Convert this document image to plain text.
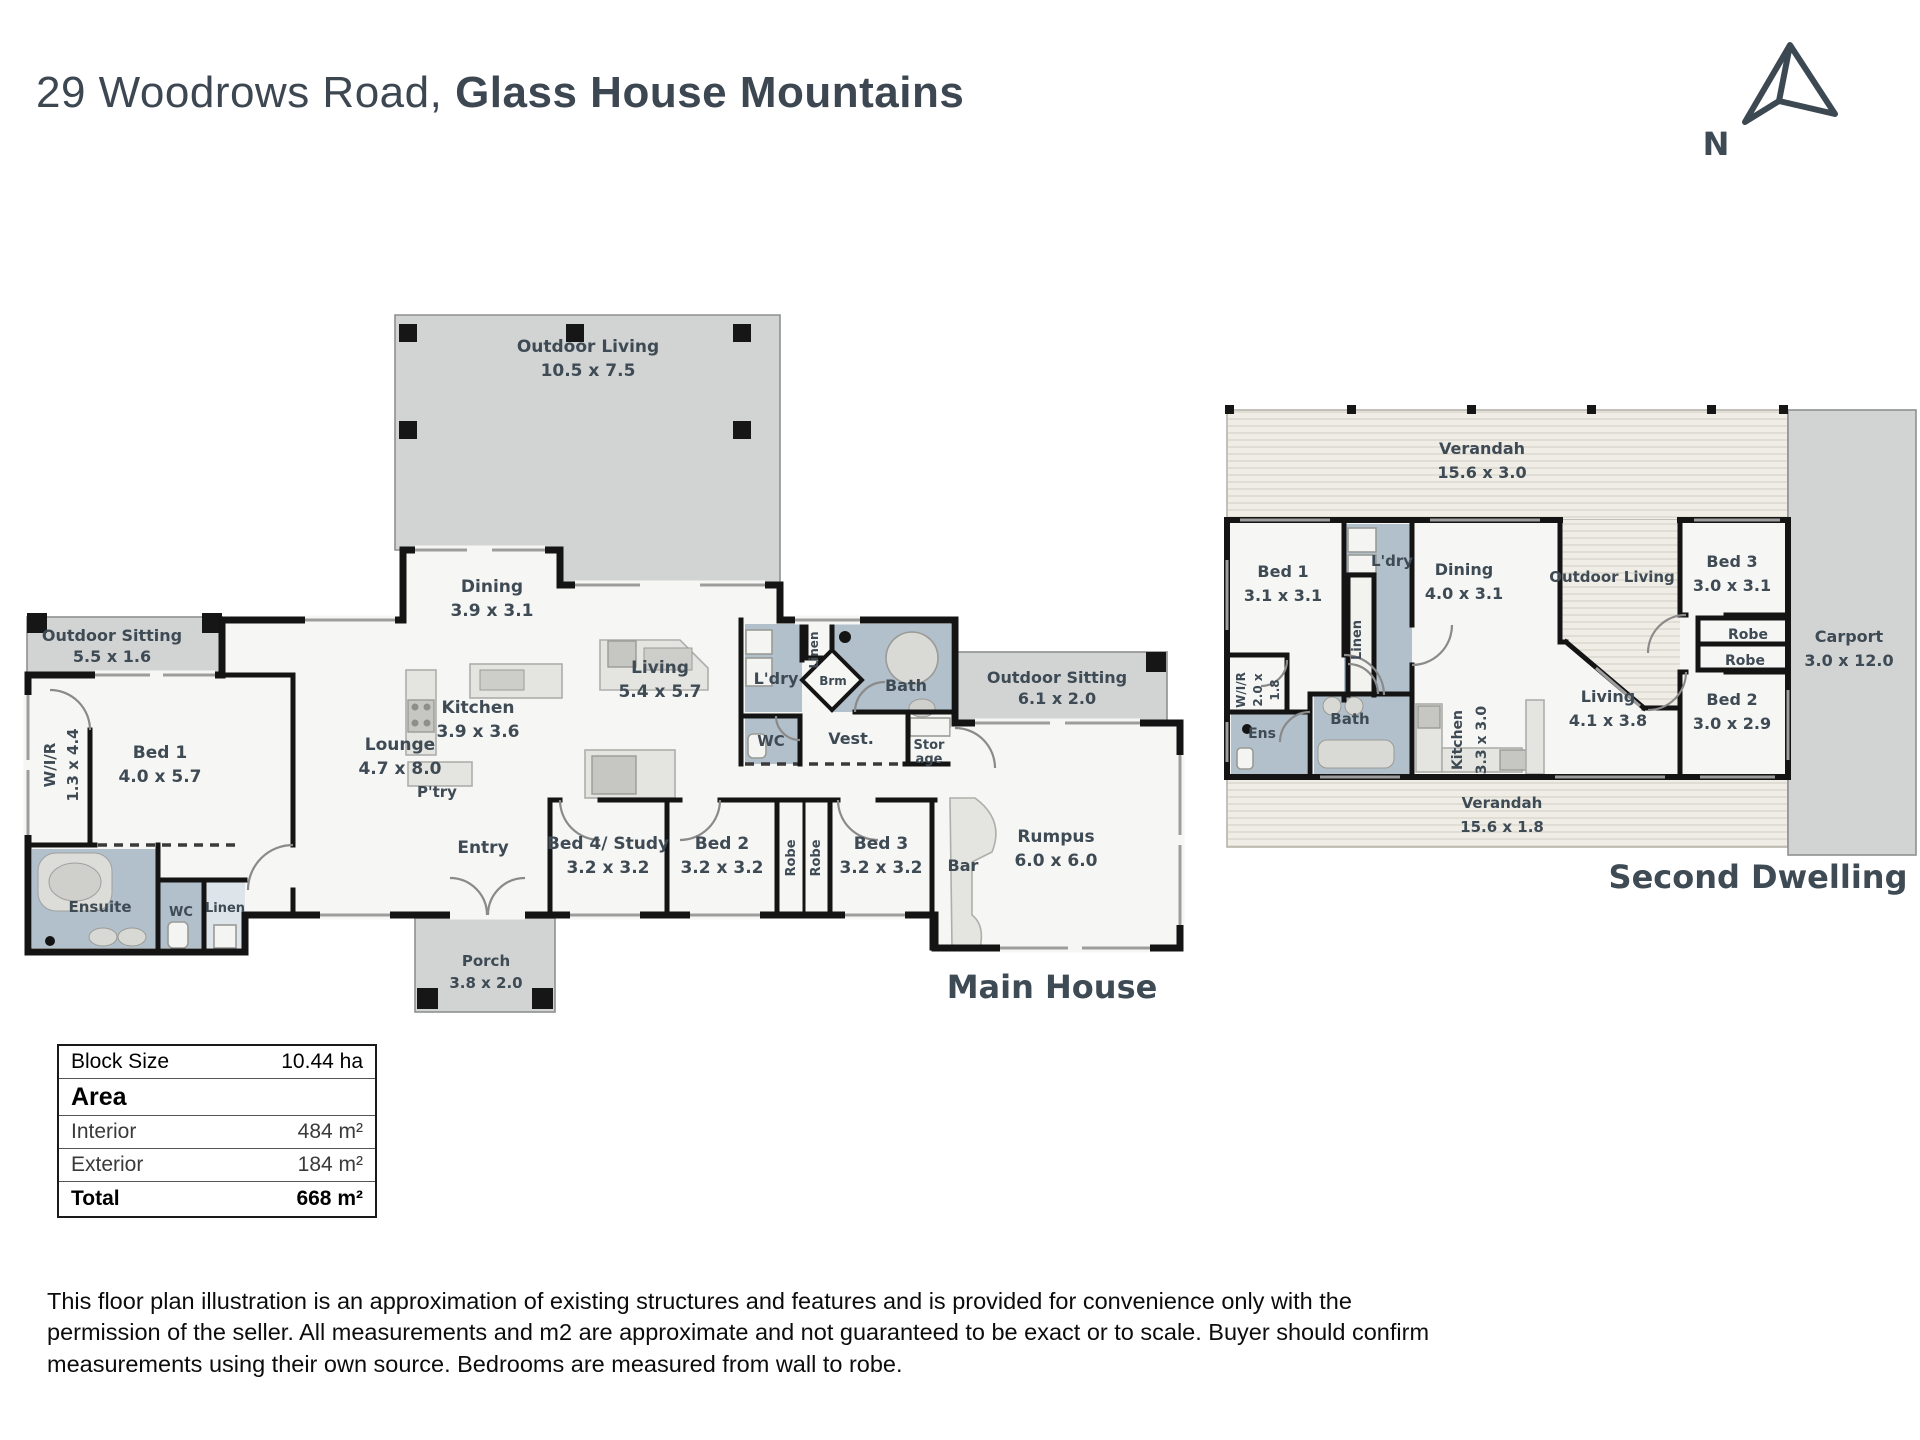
29 Woodrows Road, Glass House Mountains
N
Outdoor Living
10.5 x 7.5
Dining
3.9 x 3.1
Outdoor Sitting
5.5 x 1.6
W/I/R 1.3 x 4.4	Bed 1
4.0 x 5.7
Lounge
4.7 x 8.0
Kitchen
3.9 x 3.6
P'try
Living
5.4 x 5.7
L'dry
Linen
Brm Bath
WC	Vest.	Stor
age
Outdoor Sitting
6.1 x 2.0
Entry Bed 4/ Study
3.2 x 3.2
Bed 2
3.2 x 3.2 Robe Robe Bed 3
3.2 x 3.2 Bar
Rumpus
6.0 x 6.0
Porch
3.8 x 2.0
Ensuite	WC Linen
Main House
Verandah
15.6 x 3.0
Bed 1
3.1 x 3.1
L'dry
Linen
Dining
4.0 x 3.1
Outdoor Living
Bed 3
3.0 x 3.1
Robe
Robe
Carport
3.0 x 12.0
Bed 2
3.0 x 2.9
W/I/R 2.0 x 1.8
Ens
Bath	Kitchen 3.3 x 3.0
Living
4.1 x 3.8
Verandah
15.6 x 1.8
Second Dwelling
Block Size	10.44 ha
Area
Interior	484 m²
Exterior	184 m²
Total	668 m²
This floor plan illustration is an approximation of existing structures and features and is provided for convenience only with the permission of the seller. All measurements and m2 are approximate and not guaranteed to be exact or to scale. Buyer should confirm measurements using their own source. Bedrooms are measured from wall to robe.
